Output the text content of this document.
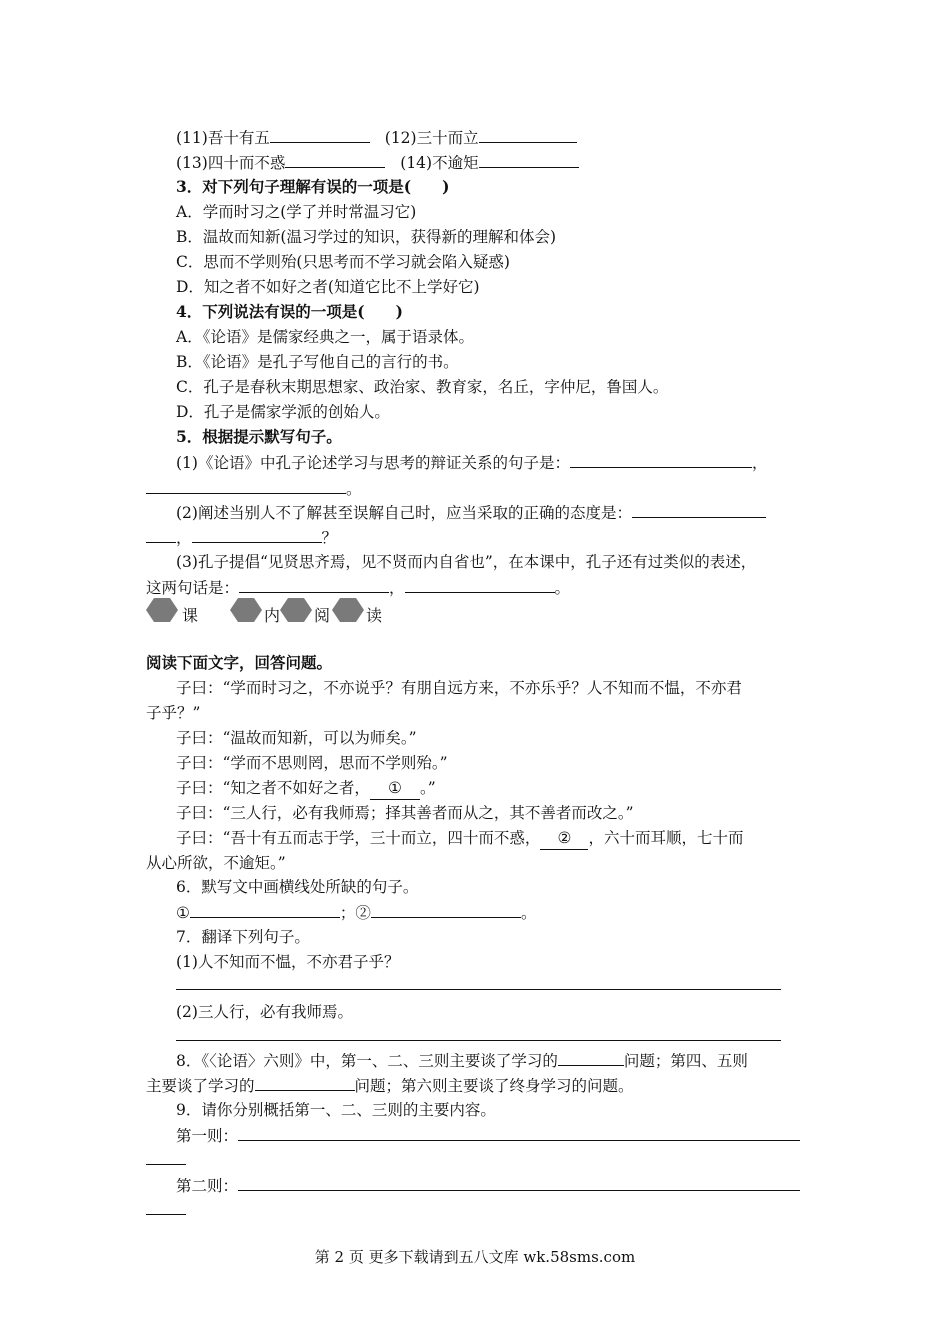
(11)吾十有五	(12)三十而立
(13)四十而不惑	(14)不逾矩
3．对下列句子理解有误的一项是(　　)
A．学而时习之(学了并时常温习它)
B．温故而知新(温习学过的知识，获得新的理解和体会)
C．思而不学则殆(只思考而不学习就会陷入疑惑)
D．知之者不如好之者(知道它比不上学好它)
4．下列说法有误的一项是(　　)
A．《论语》是儒家经典之一，属于语录体。
B．《论语》是孔子写他自己的言行的书。
C．孔子是春秋末期思想家、政治家、教育家，名丘，字仲尼，鲁国人。
D．孔子是儒家学派的创始人。
5．根据提示默写句子。
(1)《论语》中孔子论述学习与思考的辩证关系的句子是：	，
。
(2)阐述当别人不了解甚至误解自己时，应当采取的正确的态度是：
，	？
(3)孔子提倡“见贤思齐焉，见不贤而内自省也”，在本课中，孔子还有过类似的表述，
这两句话是：	，	。
课	内 阅 读
阅读下面文字，回答问题。
子曰：“学而时习之，不亦说乎？有朋自远方来，不亦乐乎？人不知而不愠，不亦君
子乎？”
子曰：“温故而知新，可以为师矣。”
子曰：“学而不思则罔，思而不学则殆。”
子曰：“知之者不如好之者， ① 。”
子曰：“三人行，必有我师焉；择其善者而从之，其不善者而改之。”
子曰：“吾十有五而志于学，三十而立，四十而不惑， ② ，六十而耳顺，七十而
从心所欲，不逾矩。”
6．默写文中画横线处所缺的句子。
①	；②	。
7．翻译下列句子。
(1)人不知而不愠，不亦君子乎？
(2)三人行，必有我师焉。
8．《〈论语〉六则》中，第一、二、三则主要谈了学习的	问题；第四、五则
主要谈了学习的	问题；第六则主要谈了终身学习的问题。
9．请你分别概括第一、二、三则的主要内容。
第一则：
第二则：
第 2 页 更多下载请到五八文库 wk.58sms.com
